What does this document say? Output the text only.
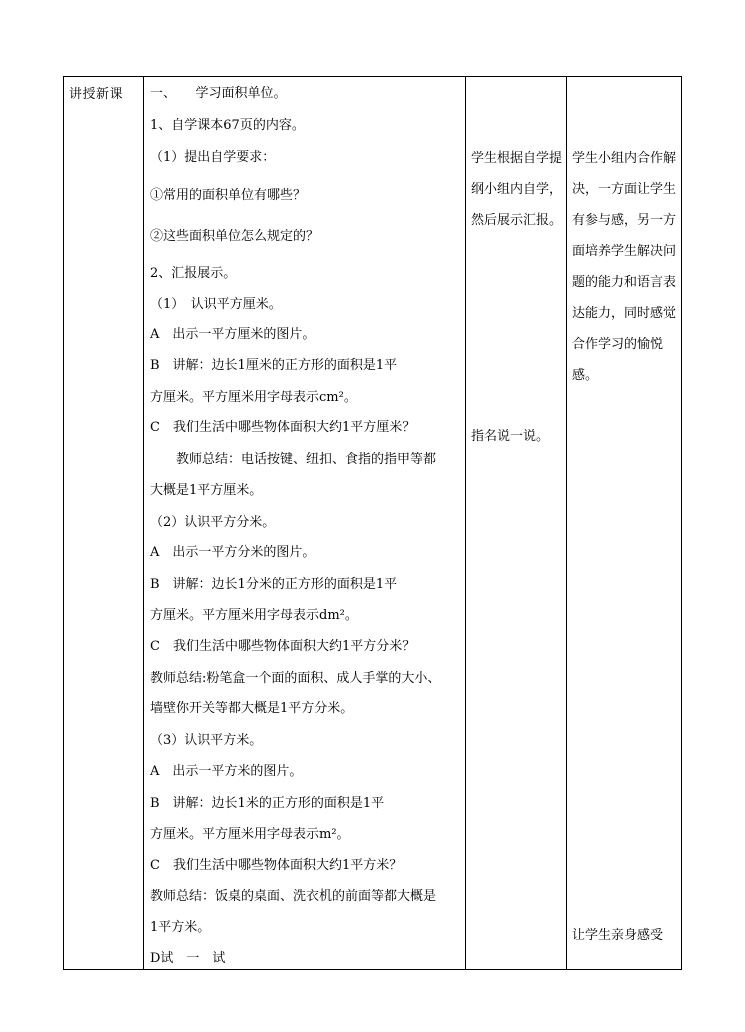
讲授新课 一、　　学习面积单位。
1、自学课本67页的内容。
（1）提出自学要求：
①常用的面积单位有哪些？
②这些面积单位怎么规定的？
2、汇报展示。
（1）　认识平方厘米。
A　出示一平方厘米的图片。
B　讲解：边长1厘米的正方形的面积是1平
方厘米。平方厘米用字母表示cm²。
C　我们生活中哪些物体面积大约1平方厘米？
　　教师总结：电话按键、纽扣、食指的指甲等都
大概是1平方厘米。
（2）认识平方分米。
A　出示一平方分米的图片。
B　讲解：边长1分米的正方形的面积是1平
方厘米。平方厘米用字母表示dm²。
C　我们生活中哪些物体面积大约1平方分米？
教师总结:粉笔盒一个面的面积、成人手掌的大小、
墙壁你开关等都大概是1平方分米。
（3）认识平方米。
A　出示一平方米的图片。
B　讲解：边长1米的正方形的面积是1平
方厘米。平方厘米用字母表示m²。
C　我们生活中哪些物体面积大约1平方米？
教师总结：饭桌的桌面、洗衣机的前面等都大概是
1平方米。
D试　一　试
学生根据自学提纲小组内自学，然后展示汇报。
指名说一说。
学生小组内合作解决，一方面让学生有参与感，另一方面培养学生解决问题的能力和语言表达能力，同时感觉合作学习的愉悦感。
让学生亲身感受
